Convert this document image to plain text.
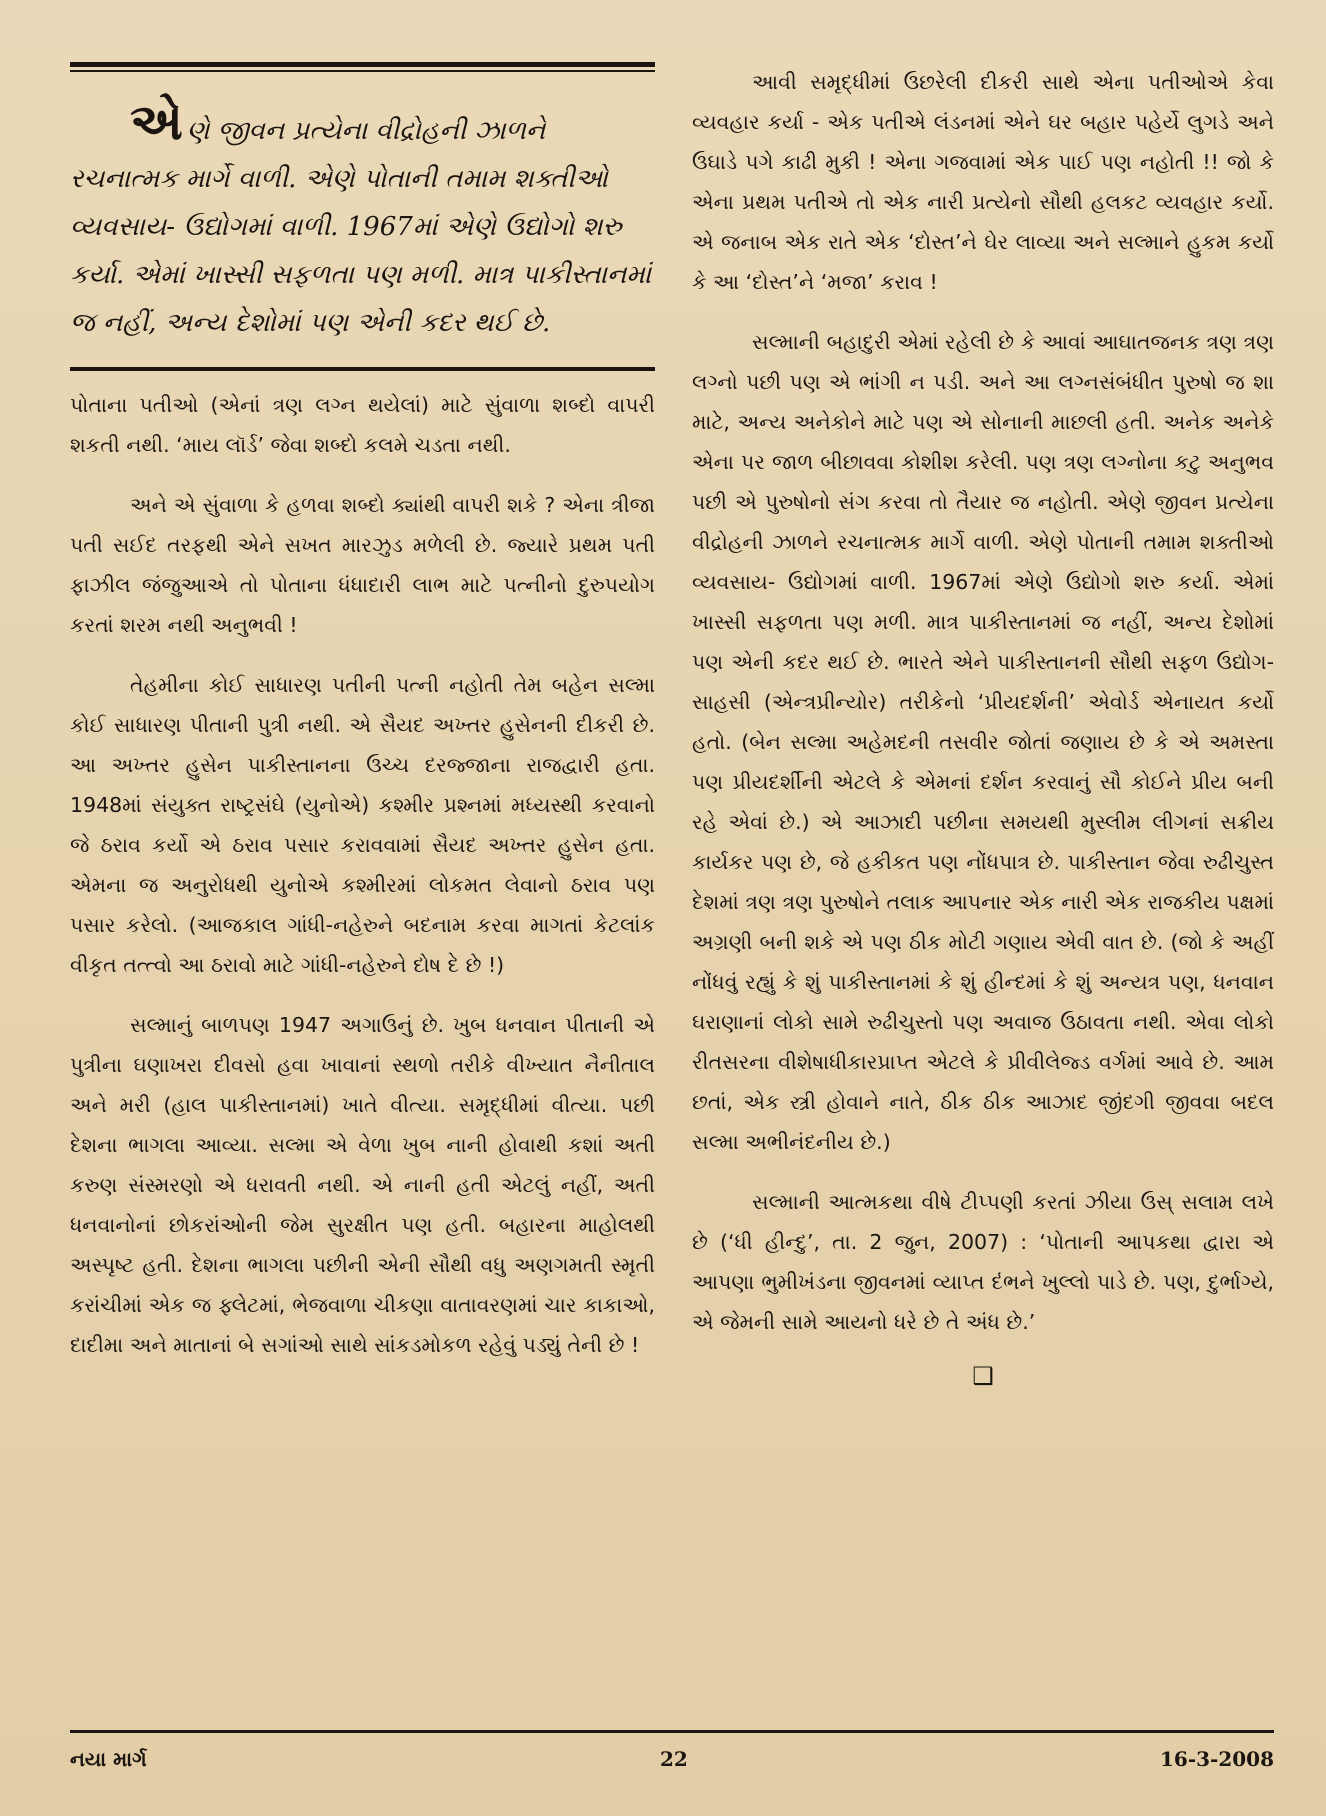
એણે જીવન પ્રત્યેના વીદ્રોહની ઝાળને રચનાત્મક માર્ગે વાળી. એણે પોતાની તમામ શક્તીઓ વ્યવસાય- ઉદ્યોગમાં વાળી. 1967માં એણે ઉદ્યોગો શરુ કર્યા. એમાં ખાસ્સી સફળતા પણ મળી. માત્ર પાકીસ્તાનમાં જ નહીં, અન્ય દેશોમાં પણ એની કદર થઈ છે.

પોતાના પતીઓ (એનાં ત્રણ લગ્ન થયેલાં) માટે સુંવાળા શબ્દો વાપરી શકતી નથી. ‘માય લૉર્ડ’ જેવા શબ્દો કલમે ચડતા નથી.

અને એ સુંવાળા કે હળવા શબ્દો ક્યાંથી વાપરી શકે ? એના ત્રીજા પતી સઈદ તરફથી એને સખત મારઝુડ મળેલી છે. જ્યારે પ્રથમ પતી ફાઝીલ જંજુઆએ તો પોતાના ધંધાદારી લાભ માટે પત્નીનો દુરુપયોગ કરતાં શરમ નથી અનુભવી !

તેહમીના કોઈ સાધારણ પતીની પત્ની નહોતી તેમ બહેન સલ્મા કોઈ સાધારણ પીતાની પુત્રી નથી. એ સૈયદ અખ્તર હુસેનની દીકરી છે. આ અખ્તર હુસેન પાકીસ્તાનના ઉચ્ચ દરજ્જાના રાજદ્વારી હતા. 1948માં સંયુક્ત રાષ્ટ્રસંઘે (યુનોએ) કશ્મીર પ્રશ્નમાં મધ્યસ્થી કરવાનો જે ઠરાવ કર્યો એ ઠરાવ પસાર કરાવવામાં સૈયદ અખ્તર હુસેન હતા. એમના જ અનુરોધથી યુનોએ કશ્મીરમાં લોકમત લેવાનો ઠરાવ પણ પસાર કરેલો. (આજકાલ ગાંધી-નહેરુને બદનામ કરવા માગતાં કેટલાંક વીકૃત તત્ત્વો આ ઠરાવો માટે ગાંધી-નહેરુને દોષ દે છે !)

સલ્માનું બાળપણ 1947 અગાઉનું છે. ખુબ ધનવાન પીતાની એ પુત્રીના ઘણાખરા દીવસો હવા ખાવાનાં સ્થળો તરીકે વીખ્યાત નૈનીતાલ અને મરી (હાલ પાકીસ્તાનમાં) ખાતે વીત્યા. સમૃદ્ધીમાં વીત્યા. પછી દેશના ભાગલા આવ્યા. સલ્મા એ વેળા ખુબ નાની હોવાથી કશાં અતી કરુણ સંસ્મરણો એ ધરાવતી નથી. એ નાની હતી એટલું નહીં, અતી ધનવાનોનાં છોકરાંઓની જેમ સુરક્ષીત પણ હતી. બહારના માહોલથી અસ્પૃષ્ટ હતી. દેશના ભાગલા પછીની એની સૌથી વધુ અણગમતી સ્મૃતી કરાંચીમાં એક જ ફ્લેટમાં, ભેજવાળા ચીકણા વાતાવરણમાં ચાર કાકાઓ, દાદીમા અને માતાનાં બે સગાંઓ સાથે સાંકડમોકળ રહેવું પડ્યું તેની છે !

આવી સમૃદ્ધીમાં ઉછરેલી દીકરી સાથે એના પતીઓએ કેવા વ્યવહાર કર્યા - એક પતીએ લંડનમાં એને ઘર બહાર પહેર્યે લુગડે અને ઉઘાડે પગે કાઢી મુકી ! એના ગજવામાં એક પાઈ પણ નહોતી !! જો કે એના પ્રથમ પતીએ તો એક નારી પ્રત્યેનો સૌથી હલકટ વ્યવહાર કર્યો. એ જનાબ એક રાતે એક ‘દોસ્ત’ને ઘેર લાવ્યા અને સલ્માને હુકમ કર્યો કે આ ‘દોસ્ત’ને ‘મજા’ કરાવ !

સલ્માની બહાદુરી એમાં રહેલી છે કે આવાં આઘાતજનક ત્રણ ત્રણ લગ્નો પછી પણ એ ભાંગી ન પડી. અને આ લગ્નસંબંધીત પુરુષો જ શા માટે, અન્ય અનેકોને માટે પણ એ સોનાની માછલી હતી. અનેક અનેકે એના પર જાળ બીછાવવા કોશીશ કરેલી. પણ ત્રણ લગ્નોના કટુ અનુભવ પછી એ પુરુષોનો સંગ કરવા તો તૈયાર જ નહોતી. એણે જીવન પ્રત્યેના વીદ્રોહની ઝાળને રચનાત્મક માર્ગે વાળી. એણે પોતાની તમામ શક્તીઓ વ્યવસાય- ઉદ્યોગમાં વાળી. 1967માં એણે ઉદ્યોગો શરુ કર્યા. એમાં ખાસ્સી સફળતા પણ મળી. માત્ર પાકીસ્તાનમાં જ નહીં, અન્ય દેશોમાં પણ એની કદર થઈ છે. ભારતે એને પાકીસ્તાનની સૌથી સફળ ઉદ્યોગ-સાહસી (એન્ત્રપ્રીન્યોર) તરીકેનો ‘પ્રીયદર્શની’ એવોર્ડ એનાયત કર્યો હતો. (બેન સલ્મા અહેમદની તસવીર જોતાં જણાય છે કે એ અમસ્તા પણ પ્રીયદર્શીની એટલે કે એમનાં દર્શન કરવાનું સૌ કોઈને પ્રીય બની રહે એવાં છે.) એ આઝાદી પછીના સમયથી મુસ્લીમ લીગનાં સક્રીય કાર્યકર પણ છે, જે હકીકત પણ નોંધપાત્ર છે. પાકીસ્તાન જેવા રુઢીચુસ્ત દેશમાં ત્રણ ત્રણ પુરુષોને તલાક આપનાર એક નારી એક રાજકીય પક્ષમાં અગ્રણી બની શકે એ પણ ઠીક મોટી ગણાય એવી વાત છે. (જો કે અહીં નોંધવું રહ્યું કે શું પાકીસ્તાનમાં કે શું હીન્દમાં કે શું અન્યત્ર પણ, ધનવાન ઘરાણાનાં લોકો સામે રુઢીચુસ્તો પણ અવાજ ઉઠાવતા નથી. એવા લોકો રીતસરના વીશેષાધીકારપ્રાપ્ત એટલે કે પ્રીવીલેજ્ડ વર્ગમાં આવે છે. આમ છતાં, એક સ્ત્રી હોવાને નાતે, ઠીક ઠીક આઝાદ જીંદગી જીવવા બદલ સલ્મા અભીનંદનીય છે.)

સલ્માની આત્મકથા વીષે ટીપ્પણી કરતાં ઝીયા ઉસ્ સલામ લખે છે (‘ધી હીન્દુ’, તા. 2 જુન, 2007) : ‘પોતાની આપકથા દ્વારા એ આપણા ભુમીખંડના જીવનમાં વ્યાપ્ત દંભને ખુલ્લો પાડે છે. પણ, દુર્ભાગ્યે, એ જેમની સામે આયનો ધરે છે તે અંધ છે.’

❑
નયા માર્ગ	22	16-3-2008
